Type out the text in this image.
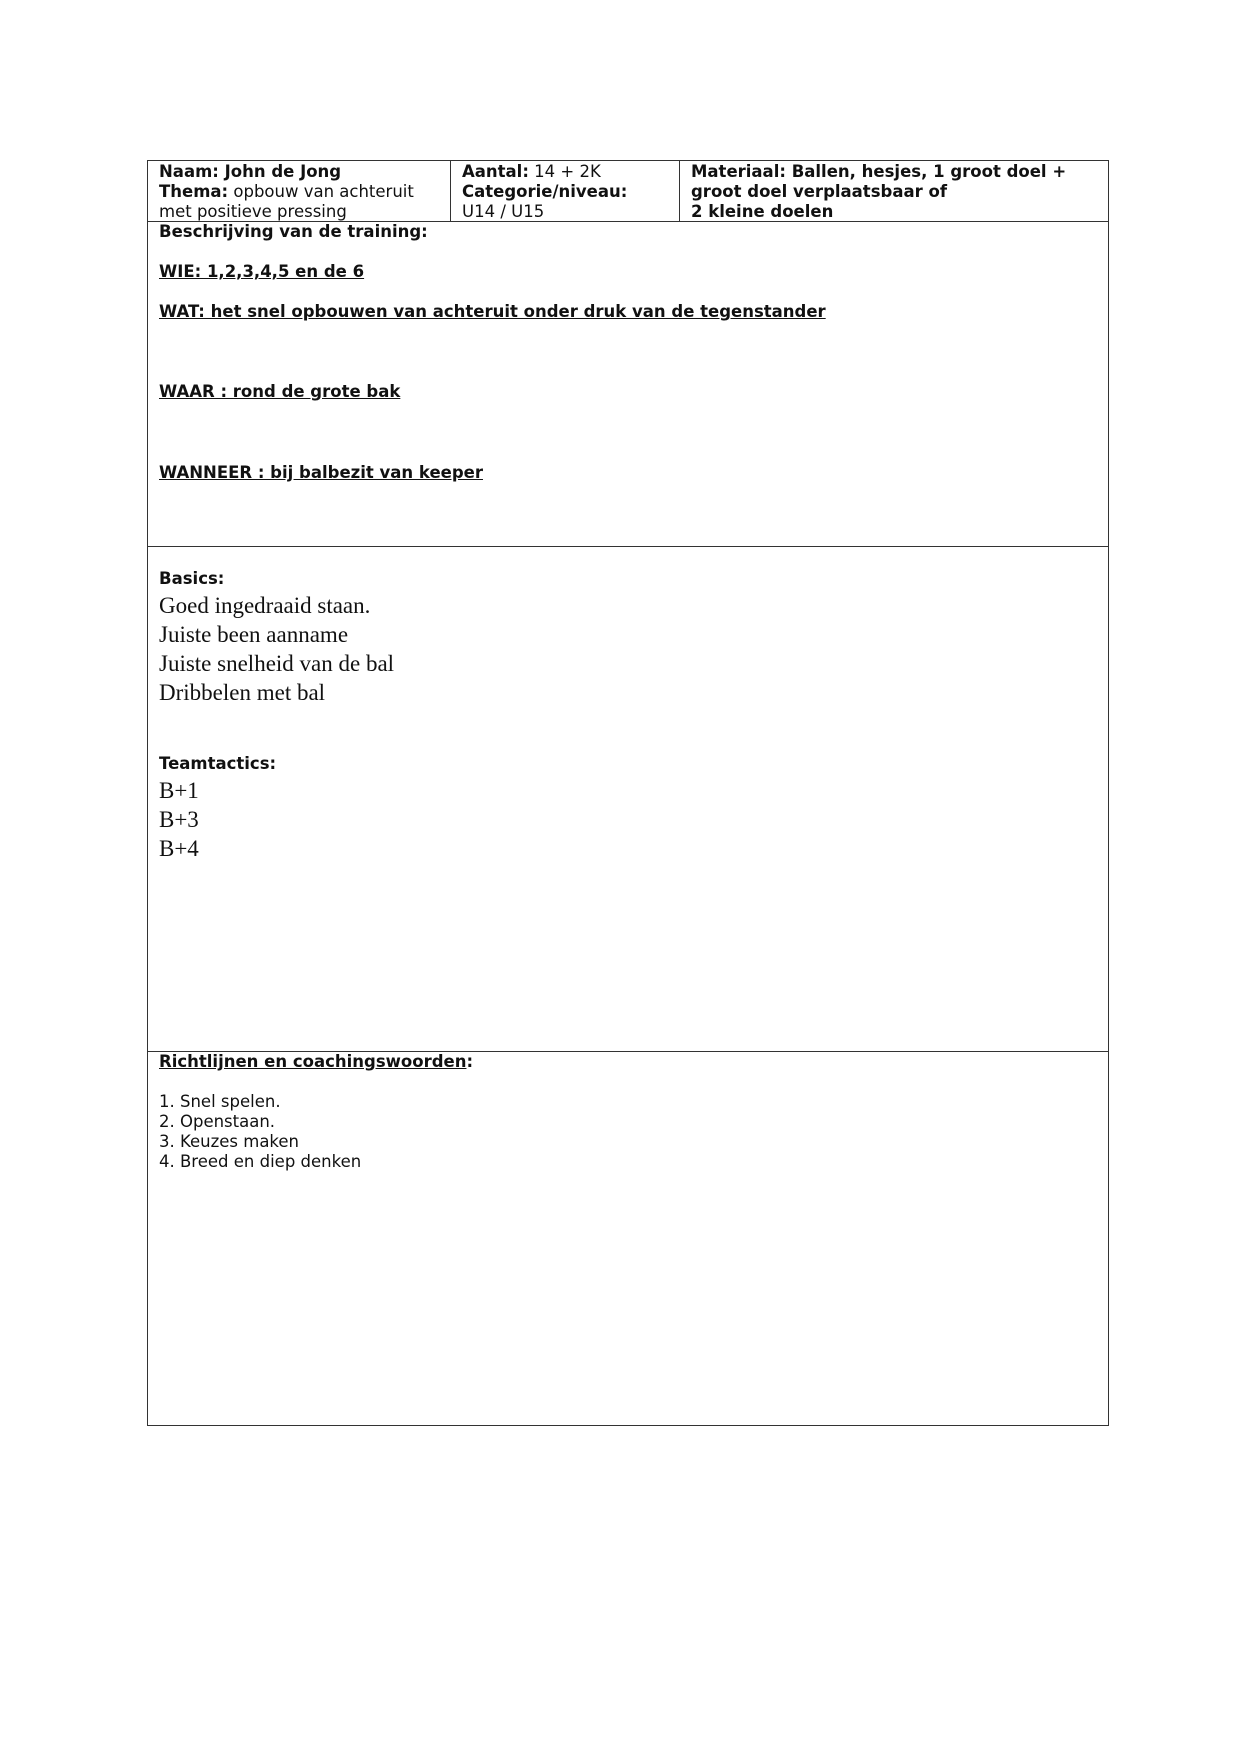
Naam: John de Jong
Thema: opbouw van achteruit
met positieve pressing
Aantal: 14 + 2K
Categorie/niveau:
U14 / U15
Materiaal: Ballen, hesjes, 1 groot doel +
groot doel verplaatsbaar of
2 kleine doelen
Beschrijving van de training:
WIE: 1,2,3,4,5 en de 6
WAT: het snel opbouwen van achteruit onder druk van de tegenstander
WAAR : rond de grote bak
WANNEER : bij balbezit van keeper
Basics:
Goed ingedraaid staan.
Juiste been aanname
Juiste snelheid van de bal
Dribbelen met bal
Teamtactics:
B+1
B+3
B+4
Richtlijnen en coachingswoorden:
1. Snel spelen.
2. Openstaan.
3. Keuzes maken
4. Breed en diep denken
